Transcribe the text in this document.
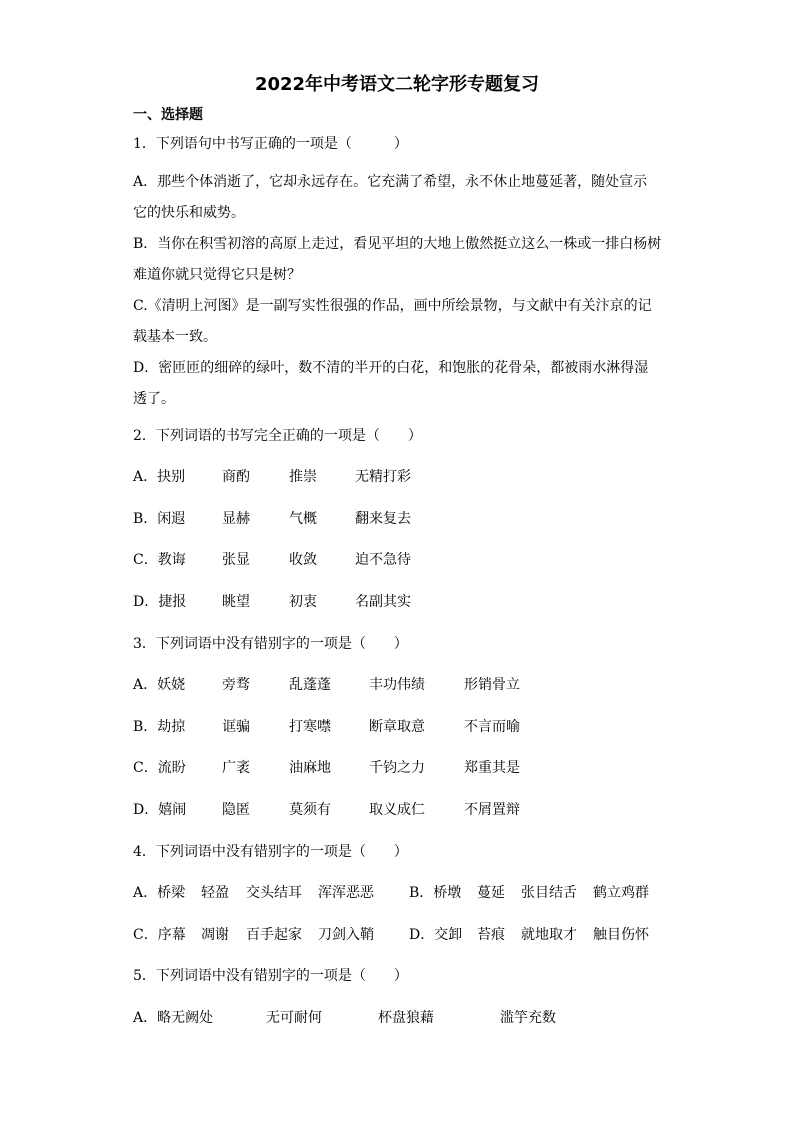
2022年中考语文二轮字形专题复习
一、选择题
1．下列语句中书写正确的一项是（　　　）
A．那些个体消逝了，它却永远存在。它充满了希望，永不休止地蔓延著，随处宣示
它的快乐和威势。
B．当你在积雪初溶的高原上走过，看见平坦的大地上傲然挺立这么一株或一排白杨树
难道你就只觉得它只是树？
C.《清明上河图》是一副写实性很强的作品，画中所绘景物，与文献中有关汴京的记
载基本一致。
D．密匝匝的细碎的绿叶，数不清的半开的白花，和饱胀的花骨朵，都被雨水淋得湿
透了。
2．下列词语的书写完全正确的一项是（　　）
A．抉别	商酌	推崇	无精打彩
B．闲遐	显赫	气概	翻来复去
C．教诲	张显	收敛	迫不急待
D．捷报	眺望	初衷	名副其实
3．下列词语中没有错别字的一项是（　　）
A．妖娆	旁骛	乱蓬蓬	丰功伟绩	形销骨立
B．劫掠	诓骗	打寒噤	断章取意	不言而喻
C．流盼	广袤	油麻地	千钧之力	郑重其是
D．嬉闹	隐匿	莫须有	取义成仁	不屑置辩
4．下列词语中没有错别字的一项是（　　）
A．桥梁 轻盈 交头结耳 浑浑恶恶	B．桥墩 蔓延 张目结舌 鹤立鸡群
C．序幕 凋谢 百手起家 刀剑入鞘	D．交卸 苔痕 就地取才 触目伤怀
5．下列词语中没有错别字的一项是（　　）
A．略无阙处	无可耐何	杯盘狼藉	滥竽充数
